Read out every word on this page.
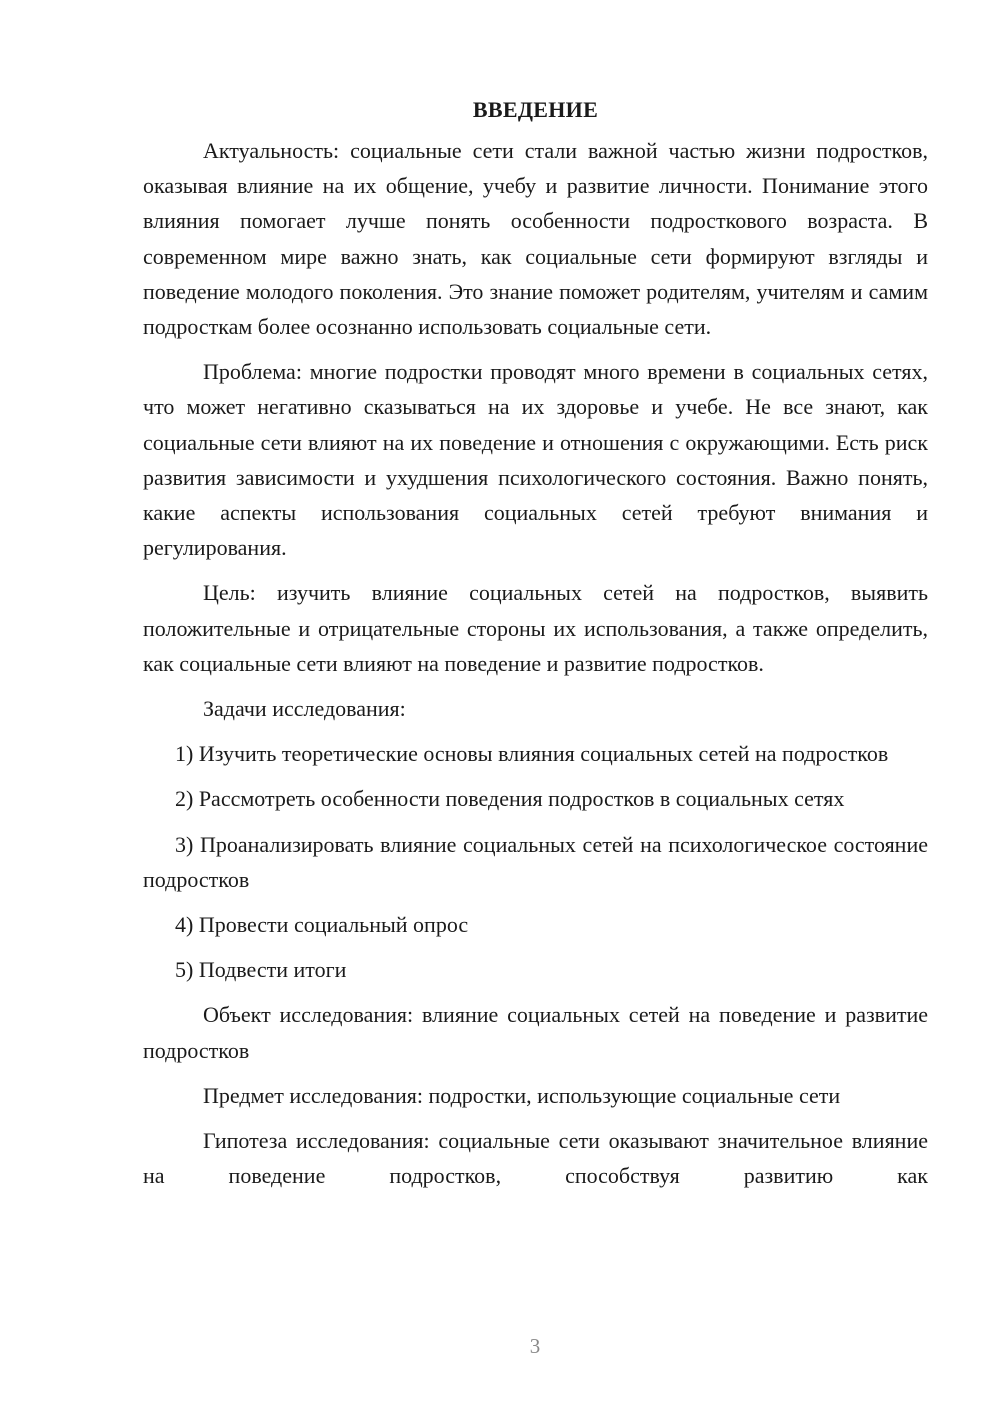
ВВЕДЕНИЕ

Актуальность: социальные сети стали важной частью жизни подростков, оказывая влияние на их общение, учебу и развитие личности. Понимание этого влияния помогает лучше понять особенности подросткового возраста. В современном мире важно знать, как социальные сети формируют взгляды и поведение молодого поколения. Это знание поможет родителям, учителям и самим подросткам более осознанно использовать социальные сети.

Проблема: многие подростки проводят много времени в социальных сетях, что может негативно сказываться на их здоровье и учебе. Не все знают, как социальные сети влияют на их поведение и отношения с окружающими. Есть риск развития зависимости и ухудшения психологического состояния. Важно понять, какие аспекты использования социальных сетей требуют внимания и регулирования.

Цель: изучить влияние социальных сетей на подростков, выявить положительные и отрицательные стороны их использования, а также определить, как социальные сети влияют на поведение и развитие подростков.

Задачи исследования:

1) Изучить теоретические основы влияния социальных сетей на подростков
2) Рассмотреть особенности поведения подростков в социальных сетях
3) Проанализировать влияние социальных сетей на психологическое состояние подростков
4) Провести социальный опрос
5) Подвести итоги

Объект исследования: влияние социальных сетей на поведение и развитие подростков

Предмет исследования: подростки, использующие социальные сети

Гипотеза исследования: социальные сети оказывают значительное влияние на поведение подростков, способствуя развитию как

3
